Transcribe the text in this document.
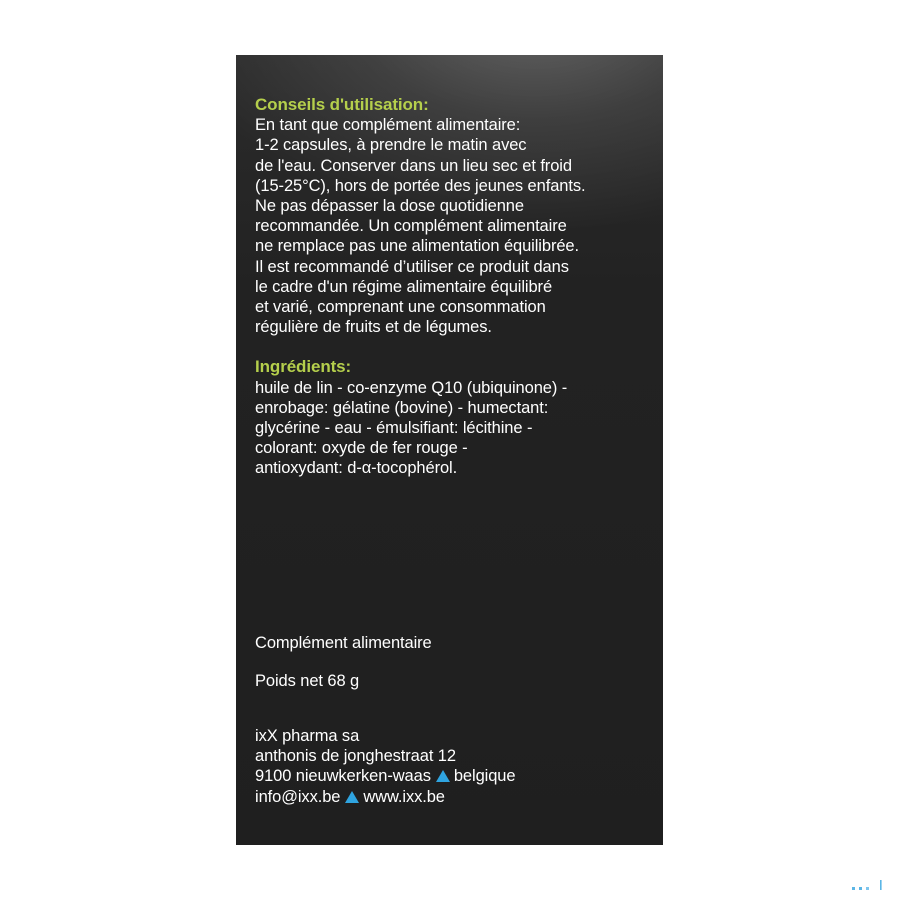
Conseils d'utilisation:
En tant que complément alimentaire:
1-2 capsules, à prendre le matin avec
de l'eau. Conserver dans un lieu sec et froid
(15-25°C), hors de portée des jeunes enfants.
Ne pas dépasser la dose quotidienne
recommandée. Un complément alimentaire
ne remplace pas une alimentation équilibrée.
Il est recommandé d’utiliser ce produit dans
le cadre d'un régime alimentaire équilibré
et varié, comprenant une consommation
régulière de fruits et de légumes.
Ingrédients:
huile de lin - co-enzyme Q10 (ubiquinone) -
enrobage: gélatine (bovine) - humectant:
glycérine - eau - émulsifiant: lécithine -
colorant: oxyde de fer rouge -
antioxydant: d-α-tocophérol.
Complément alimentaire
Poids net 68 g
ixX pharma sa
anthonis de jonghestraat 12
9100 nieuwkerken-waas belgique
info@ixx.be www.ixx.be
